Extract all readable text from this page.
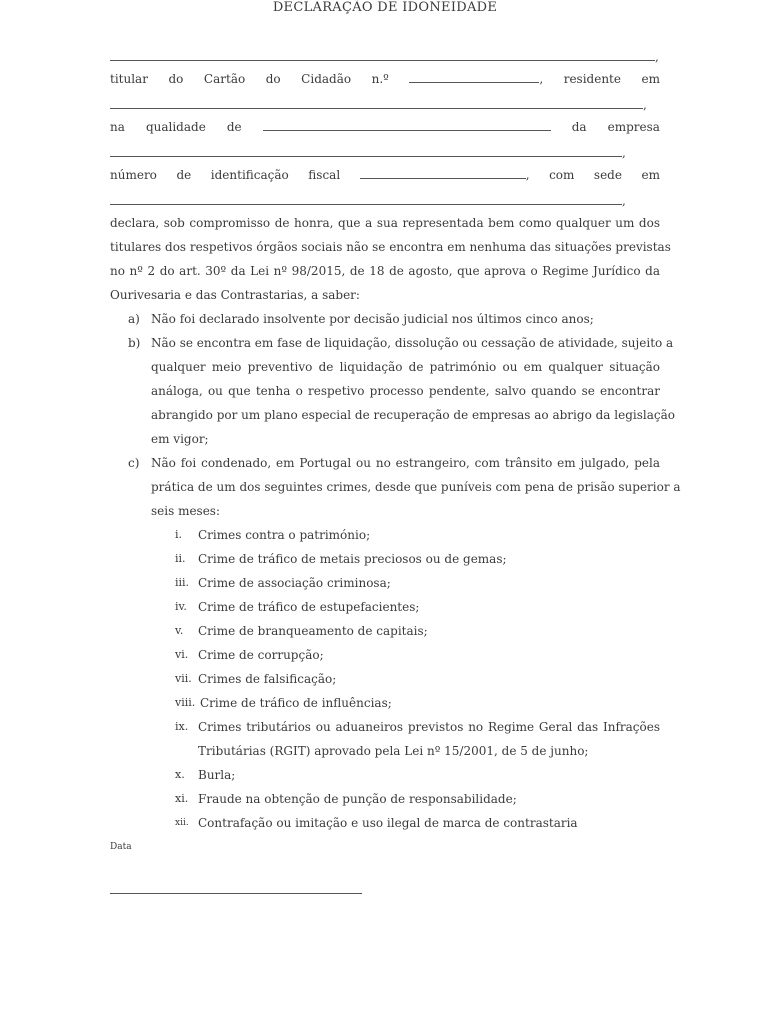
DECLARAÇÃO DE IDONEIDADE
,
titular do Cartão do Cidadão n.º	, residente em
,
na qualidade de	da empresa
,
número de identificação fiscal	, com sede em
,
declara, sob compromisso de honra, que a sua representada bem como qualquer um dos
titulares dos respetivos órgãos sociais não se encontra em nenhuma das situações previstas
no nº 2 do art. 30º da Lei nº 98/2015, de 18 de agosto, que aprova o Regime Jurídico da
Ourivesaria e das Contrastarias, a saber:
a) Não foi declarado insolvente por decisão judicial nos últimos cinco anos;
b) Não se encontra em fase de liquidação, dissolução ou cessação de atividade, sujeito a
qualquer meio preventivo de liquidação de património ou em qualquer situação
análoga, ou que tenha o respetivo processo pendente, salvo quando se encontrar
abrangido por um plano especial de recuperação de empresas ao abrigo da legislação
em vigor;
c) Não foi condenado, em Portugal ou no estrangeiro, com trânsito em julgado, pela
prática de um dos seguintes crimes, desde que puníveis com pena de prisão superior a
seis meses:
i. Crimes contra o património;
ii. Crime de tráfico de metais preciosos ou de gemas;
iii. Crime de associação criminosa;
iv. Crime de tráfico de estupefacientes;
v. Crime de branqueamento de capitais;
vi. Crime de corrupção;
vii. Crimes de falsificação;
viii. Crime de tráfico de influências;
ix. Crimes tributários ou aduaneiros previstos no Regime Geral das Infrações
Tributárias (RGIT) aprovado pela Lei nº 15/2001, de 5 de junho;
x. Burla;
xi. Fraude na obtenção de punção de responsabilidade;
xii. Contrafação ou imitação e uso ilegal de marca de contrastaria
Data
